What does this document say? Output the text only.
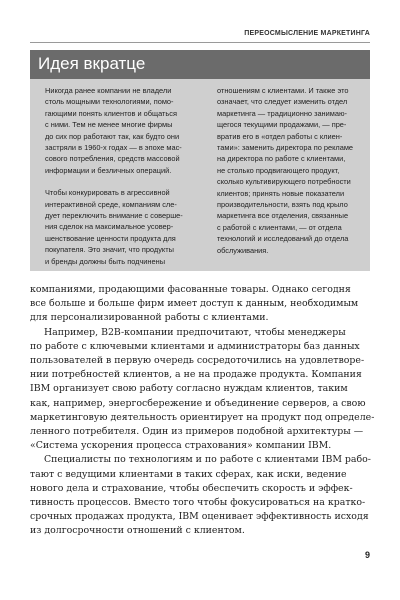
ПЕРЕОСМЫСЛЕНИЕ МАРКЕТИНГА
Идея вкратце
Никогда ранее компании не владели
столь мощными технологиями, помо-
гающими понять клиентов и общаться
с ними. Тем не менее многие фирмы
до сих пор работают так, как будто они
застряли в 1960-х годах — в эпохе мас-
сового потребления, средств массовой
информации и безличных операций.
Чтобы конкурировать в агрессивной
интерактивной среде, компаниям сле-
дует переключить внимание с соверше-
ния сделок на максимальное усовер-
шенствование ценности продукта для
покупателя. Это значит, что продукты
и бренды должны быть подчинены
отношениям с клиентами. И также это
означает, что следует изменить отдел
маркетинга — традиционно занимаю-
щегося текущими продажами, — пре-
вратив его в «отдел работы с клиен-
тами»: заменить директора по рекламе
на директора по работе с клиентами,
не столько продвигающего продукт,
сколько культивирующего потребности
клиентов; принять новые показатели
производительности, взять под крыло
маркетинга все отделения, связанные
с работой с клиентами, — от отдела
технологий и исследований до отдела
обслуживания.
компаниями, продающими фасованные товары. Однако сегодня
все больше и больше фирм имеет доступ к данным, необходимым
для персонализированной работы с клиентами.
Например, B2B-компании предпочитают, чтобы менеджеры
по работе с ключевыми клиентами и администраторы баз данных
пользователей в первую очередь сосредоточились на удовлетворе-
нии потребностей клиентов, а не на продаже продукта. Компания
IBM организует свою работу согласно нуждам клиентов, таким
как, например, энергосбережение и объединение серверов, а свою
маркетинговую деятельность ориентирует на продукт под определе-
ленного потребителя. Один из примеров подобной архитектуры —
«Система ускорения процесса страхования» компании IBM.
Специалисты по технологиям и по работе с клиентами IBM рабо-
тают с ведущими клиентами в таких сферах, как иски, ведение
нового дела и страхование, чтобы обеспечить скорость и эффек-
тивность процессов. Вместо того чтобы фокусироваться на кратко-
срочных продажах продукта, IBM оценивает эффективность исходя
из долгосрочности отношений с клиентом.
9
